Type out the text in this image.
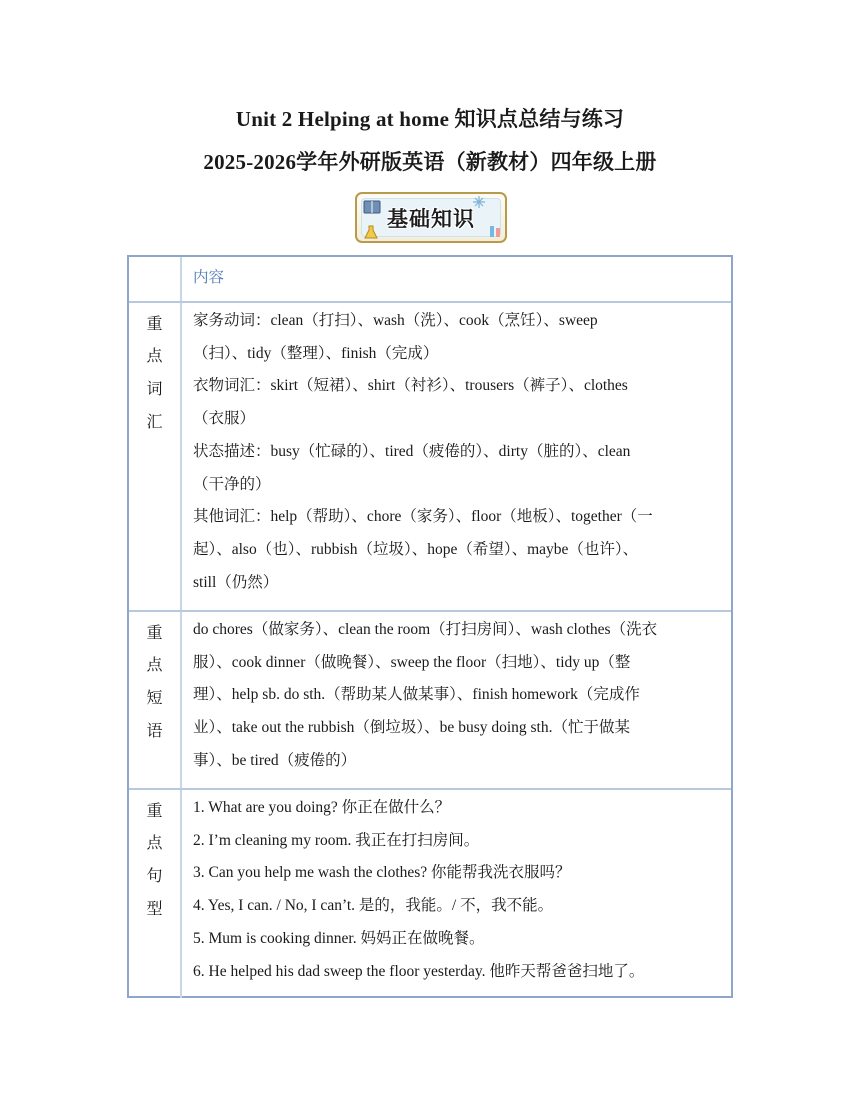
Unit 2 Helping at home 知识点总结与练习
2025-2026学年外研版英语（新教材）四年级上册
基础知识
内容
重
点
词
汇
家务动词：clean（打扫）、wash（洗）、cook（烹饪）、sweep
（扫）、tidy（整理）、finish（完成）
衣物词汇：skirt（短裙）、shirt（衬衫）、trousers（裤子）、clothes
（衣服）
状态描述：busy（忙碌的）、tired（疲倦的）、dirty（脏的）、clean
（干净的）
其他词汇：help（帮助）、chore（家务）、floor（地板）、together（一
起）、also（也）、rubbish（垃圾）、hope（希望）、maybe（也许）、
still（仍然）
重
点
短
语
do chores（做家务）、clean the room（打扫房间）、wash clothes（洗衣
服）、cook dinner（做晚餐）、sweep the floor（扫地）、tidy up（整
理）、help sb. do sth.（帮助某人做某事）、finish homework（完成作
业）、take out the rubbish（倒垃圾）、be busy doing sth.（忙于做某
事）、be tired（疲倦的）
重
点
句
型
1. What are you doing? 你正在做什么？
2. I’m cleaning my room. 我正在打扫房间。
3. Can you help me wash the clothes? 你能帮我洗衣服吗？
4. Yes, I can. / No, I can’t. 是的，我能。/ 不，我不能。
5. Mum is cooking dinner. 妈妈正在做晚餐。
6. He helped his dad sweep the floor yesterday. 他昨天帮爸爸扫地了。
